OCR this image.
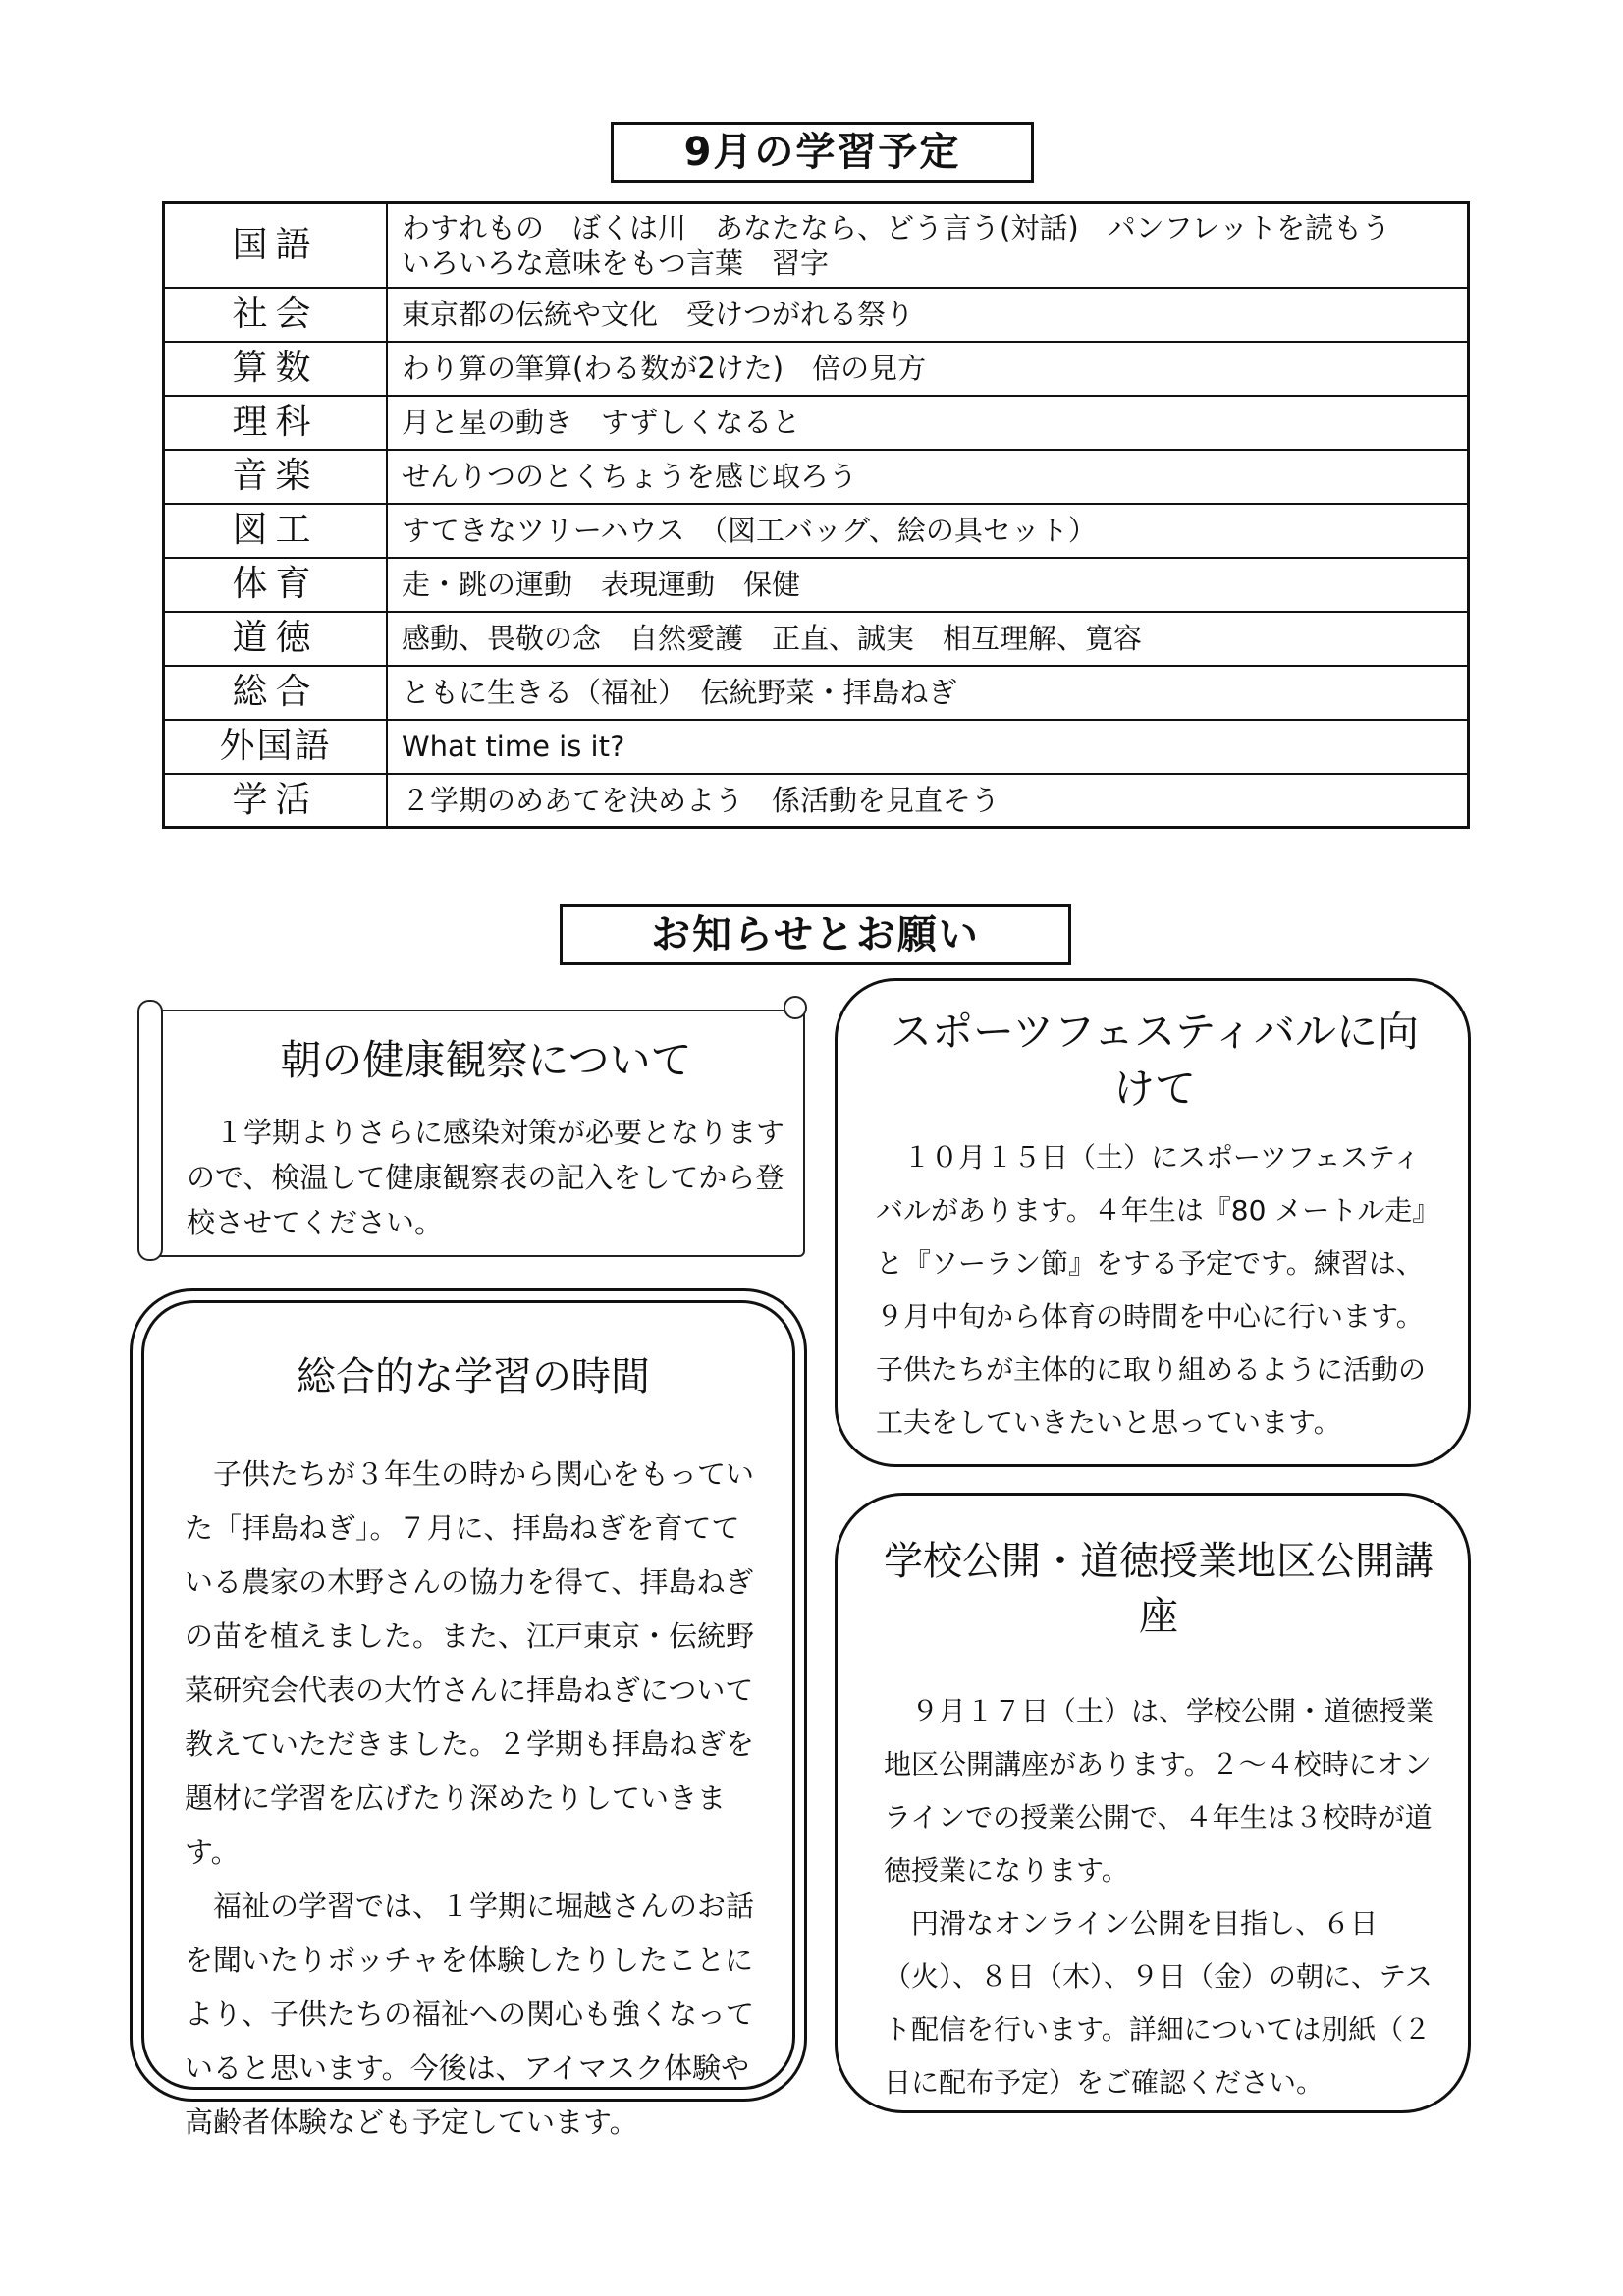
9月の学習予定
国語	わすれもの　ぼくは川　あなたなら、どう言う(対話)　パンフレットを読もう
いろいろな意味をもつ言葉　習字
社会	東京都の伝統や文化　受けつがれる祭り
算数	わり算の筆算(わる数が2けた)　倍の見方
理科	月と星の動き　すずしくなると
音楽	せんりつのとくちょうを感じ取ろう
図工	すてきなツリーハウス　（図工バッグ、絵の具セット）
体育	走・跳の運動　表現運動　保健
道徳	感動、畏敬の念　自然愛護　正直、誠実　相互理解、寛容
総合	ともに生きる（福祉）　伝統野菜・拝島ねぎ
外国語	What time is it?
学活	２学期のめあてを決めよう　係活動を見直そう
お知らせとお願い
朝の健康観察について

１学期よりさらに感染対策が必要となりますので、検温して健康観察表の記入をしてから登校させてください。

総合的な学習の時間

子供たちが３年生の時から関心をもっていた「拝島ねぎ」。７月に、拝島ねぎを育てている農家の木野さんの協力を得て、拝島ねぎの苗を植えました。また、江戸東京・伝統野菜研究会代表の大竹さんに拝島ねぎについて教えていただきました。２学期も拝島ねぎを題材に学習を広げたり深めたりしていきます。

福祉の学習では、１学期に堀越さんのお話を聞いたりボッチャを体験したりしたことにより、子供たちの福祉への関心も強くなっていると思います。今後は、アイマスク体験や高齢者体験なども予定しています。

スポーツフェスティバルに向けて

１０月１５日（土）にスポーツフェスティバルがあります。４年生は『80 メートル走』と『ソーラン節』をする予定です。練習は、９月中旬から体育の時間を中心に行います。子供たちが主体的に取り組めるように活動の工夫をしていきたいと思っています。

学校公開・道徳授業地区公開講座

９月１７日（土）は、学校公開・道徳授業地区公開講座があります。２～４校時にオンラインでの授業公開で、４年生は３校時が道徳授業になります。

円滑なオンライン公開を目指し、６日（火）、８日（木）、９日（金）の朝に、テスト配信を行います。詳細については別紙（２日に配布予定）をご確認ください。
